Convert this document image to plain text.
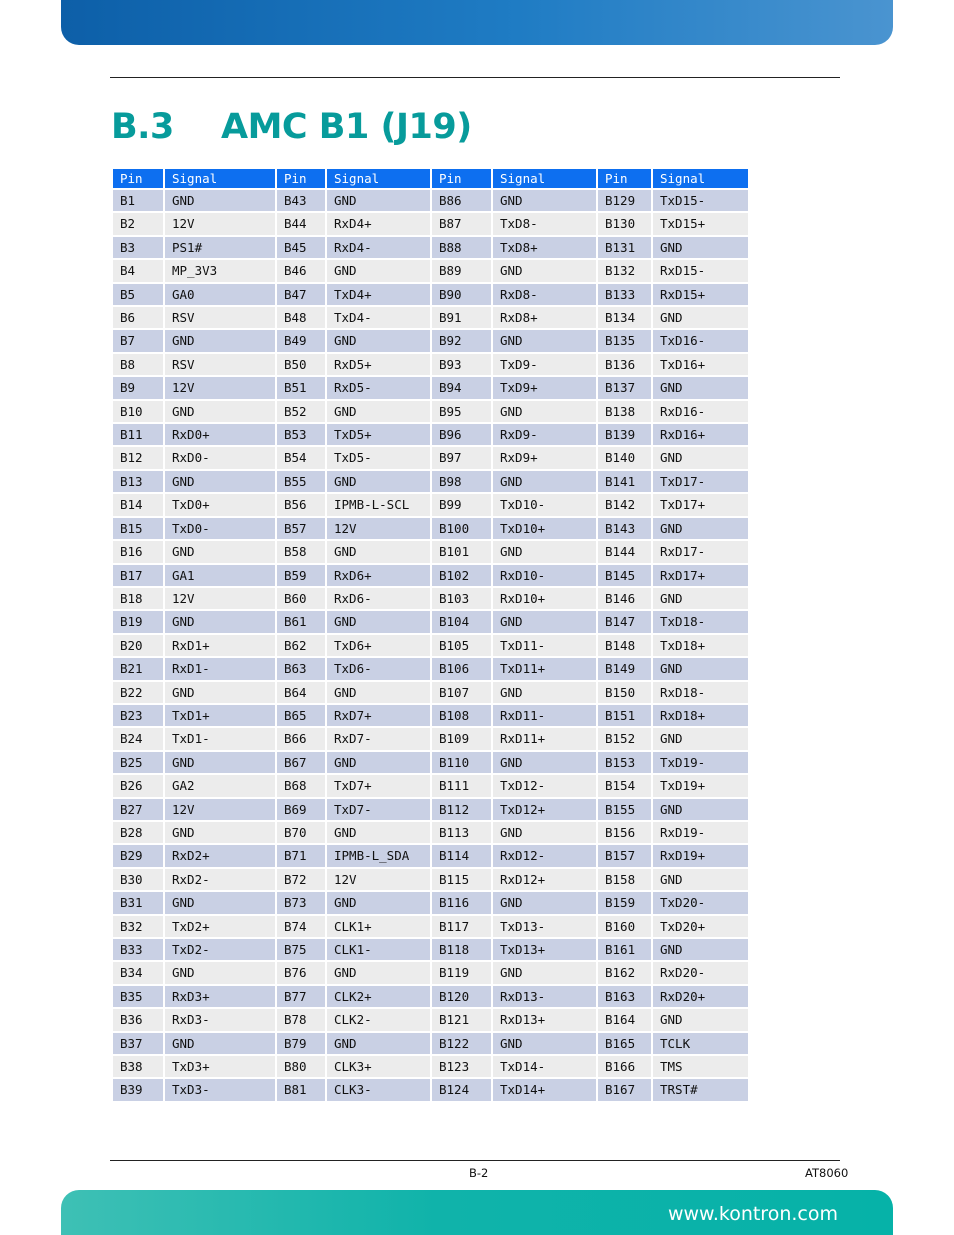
B.3 AMC B1 (J19)
Pin	Signal	Pin	Signal	Pin	Signal	Pin	Signal
B1	GND	B43	GND	B86	GND	B129	TxD15-
B2	12V	B44	RxD4+	B87	TxD8-	B130	TxD15+
B3	PS1#	B45	RxD4-	B88	TxD8+	B131	GND
B4	MP_3V3	B46	GND	B89	GND	B132	RxD15-
B5	GA0	B47	TxD4+	B90	RxD8-	B133	RxD15+
B6	RSV	B48	TxD4-	B91	RxD8+	B134	GND
B7	GND	B49	GND	B92	GND	B135	TxD16-
B8	RSV	B50	RxD5+	B93	TxD9-	B136	TxD16+
B9	12V	B51	RxD5-	B94	TxD9+	B137	GND
B10	GND	B52	GND	B95	GND	B138	RxD16-
B11	RxD0+	B53	TxD5+	B96	RxD9-	B139	RxD16+
B12	RxD0-	B54	TxD5-	B97	RxD9+	B140	GND
B13	GND	B55	GND	B98	GND	B141	TxD17-
B14	TxD0+	B56	IPMB-L-SCL	B99	TxD10-	B142	TxD17+
B15	TxD0-	B57	12V	B100	TxD10+	B143	GND
B16	GND	B58	GND	B101	GND	B144	RxD17-
B17	GA1	B59	RxD6+	B102	RxD10-	B145	RxD17+
B18	12V	B60	RxD6-	B103	RxD10+	B146	GND
B19	GND	B61	GND	B104	GND	B147	TxD18-
B20	RxD1+	B62	TxD6+	B105	TxD11-	B148	TxD18+
B21	RxD1-	B63	TxD6-	B106	TxD11+	B149	GND
B22	GND	B64	GND	B107	GND	B150	RxD18-
B23	TxD1+	B65	RxD7+	B108	RxD11-	B151	RxD18+
B24	TxD1-	B66	RxD7-	B109	RxD11+	B152	GND
B25	GND	B67	GND	B110	GND	B153	TxD19-
B26	GA2	B68	TxD7+	B111	TxD12-	B154	TxD19+
B27	12V	B69	TxD7-	B112	TxD12+	B155	GND
B28	GND	B70	GND	B113	GND	B156	RxD19-
B29	RxD2+	B71	IPMB-L_SDA	B114	RxD12-	B157	RxD19+
B30	RxD2-	B72	12V	B115	RxD12+	B158	GND
B31	GND	B73	GND	B116	GND	B159	TxD20-
B32	TxD2+	B74	CLK1+	B117	TxD13-	B160	TxD20+
B33	TxD2-	B75	CLK1-	B118	TxD13+	B161	GND
B34	GND	B76	GND	B119	GND	B162	RxD20-
B35	RxD3+	B77	CLK2+	B120	RxD13-	B163	RxD20+
B36	RxD3-	B78	CLK2-	B121	RxD13+	B164	GND
B37	GND	B79	GND	B122	GND	B165	TCLK
B38	TxD3+	B80	CLK3+	B123	TxD14-	B166	TMS
B39	TxD3-	B81	CLK3-	B124	TxD14+	B167	TRST#
B-2	AT8060
www.kontron.com
